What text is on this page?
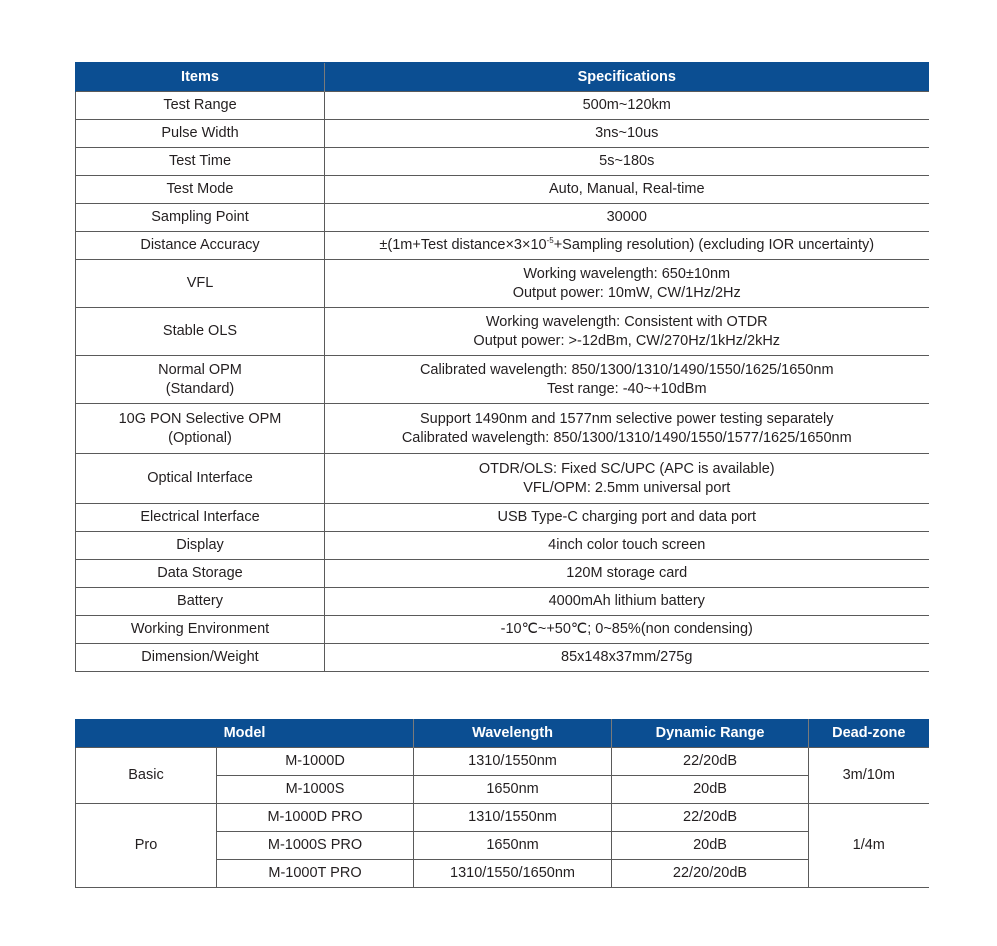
Items	Specifications
Test Range	500m~120km
Pulse Width	3ns~10us
Test Time	5s~180s
Test Mode	Auto, Manual, Real-time
Sampling Point	30000
Distance Accuracy	±(1m+Test $distance\times 3\times 10^{-5}+Sampling$ resolution) (excluding IOR uncertainty)
VFL	Working wavelength: 650±10nm
Output power: 10mW, CW/1Hz/2Hz

Stable OLS	Working wavelength: Consistent with OTDR
Output power: >-12dBm, CW/270Hz/1kHz/2kHz

Normal OPM
(Standard)	Calibrated wavelength: 850/1300/1310/1490/1550/1625/1650nm
Test range: -40~+10dBm

10G PON Selective OPM
(Optional)	Support 1490nm and 1577nm selective power testing separately
Calibrated wavelength: 850/1300/1310/1490/1550/1577/1625/1650nm

Optical Interface	OTDR/OLS: Fixed SC/UPC (APC is available)
VFL/OPM: 2.5mm universal port

Electrical Interface	USB Type-C charging port and data port
Display	4inch color touch screen
Data Storage	120M storage card
Battery	4000mAh lithium battery
Working Environment	-10℃~+50℃; 0~85%(non condensing)
Dimension/Weight	85x148x37mm/275g
Model		Wavelength	Dynamic Range	Dead-zone
Basic	M-1000D	1310/1550nm	22/20dB	3m/10m
	M-1000S	1650nm	20dB	
Pro	M-1000D PRO	1310/1550nm	22/20dB	1/4m
	M-1000S PRO	1650nm	20dB	
	M-1000T PRO	1310/1550/1650nm	22/20/20dB	
